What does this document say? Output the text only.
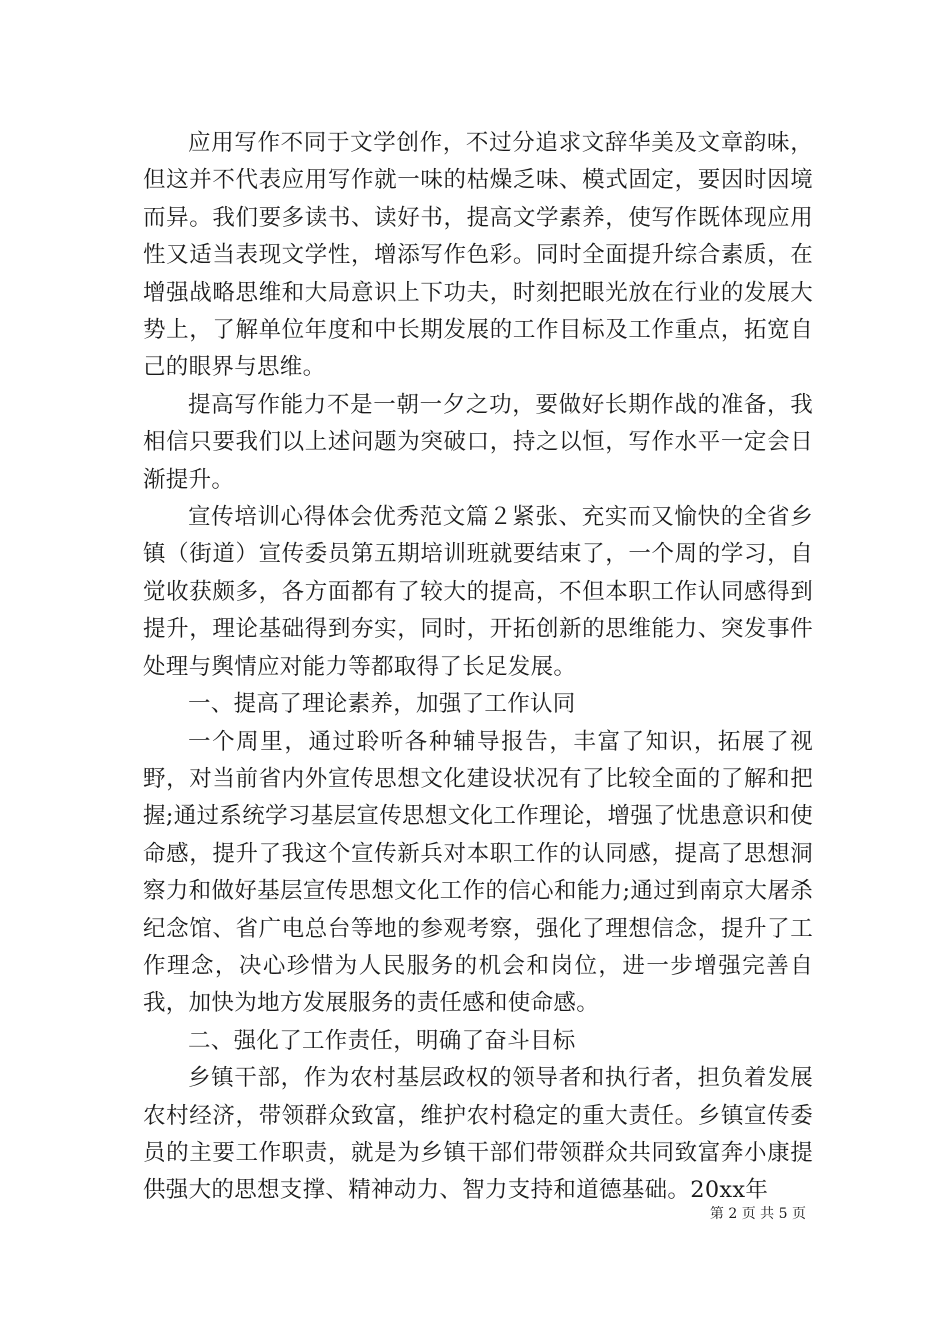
应用写作不同于文学创作，不过分追求文辞华美及文章韵味，但这并不代表应用写作就一味的枯燥乏味、模式固定，要因时因境而异。我们要多读书、读好书，提高文学素养，使写作既体现应用性又适当表现文学性，增添写作色彩。同时全面提升综合素质，在增强战略思维和大局意识上下功夫，时刻把眼光放在行业的发展大势上，了解单位年度和中长期发展的工作目标及工作重点，拓宽自己的眼界与思维。

提高写作能力不是一朝一夕之功，要做好长期作战的准备，我相信只要我们以上述问题为突破口，持之以恒，写作水平一定会日渐提升。

宣传培训心得体会优秀范文篇２紧张、充实而又愉快的全省乡镇（街道）宣传委员第五期培训班就要结束了，一个周的学习，自觉收获颇多，各方面都有了较大的提高，不但本职工作认同感得到提升，理论基础得到夯实，同时，开拓创新的思维能力、突发事件处理与舆情应对能力等都取得了长足发展。

一、提高了理论素养，加强了工作认同

一个周里，通过聆听各种辅导报告，丰富了知识，拓展了视野，对当前省内外宣传思想文化建设状况有了比较全面的了解和把握;通过系统学习基层宣传思想文化工作理论，增强了忧患意识和使命感，提升了我这个宣传新兵对本职工作的认同感，提高了思想洞察力和做好基层宣传思想文化工作的信心和能力;通过到南京大屠杀纪念馆、省广电总台等地的参观考察，强化了理想信念，提升了工作理念，决心珍惜为人民服务的机会和岗位，进一步增强完善自我，加快为地方发展服务的责任感和使命感。

二、强化了工作责任，明确了奋斗目标

乡镇干部，作为农村基层政权的领导者和执行者，担负着发展农村经济，带领群众致富，维护农村稳定的重大责任。乡镇宣传委员的主要工作职责，就是为乡镇干部们带领群众共同致富奔小康提供强大的思想支撑、精神动力、智力支持和道德基础。20xx年

第 2 页 共 5 页
